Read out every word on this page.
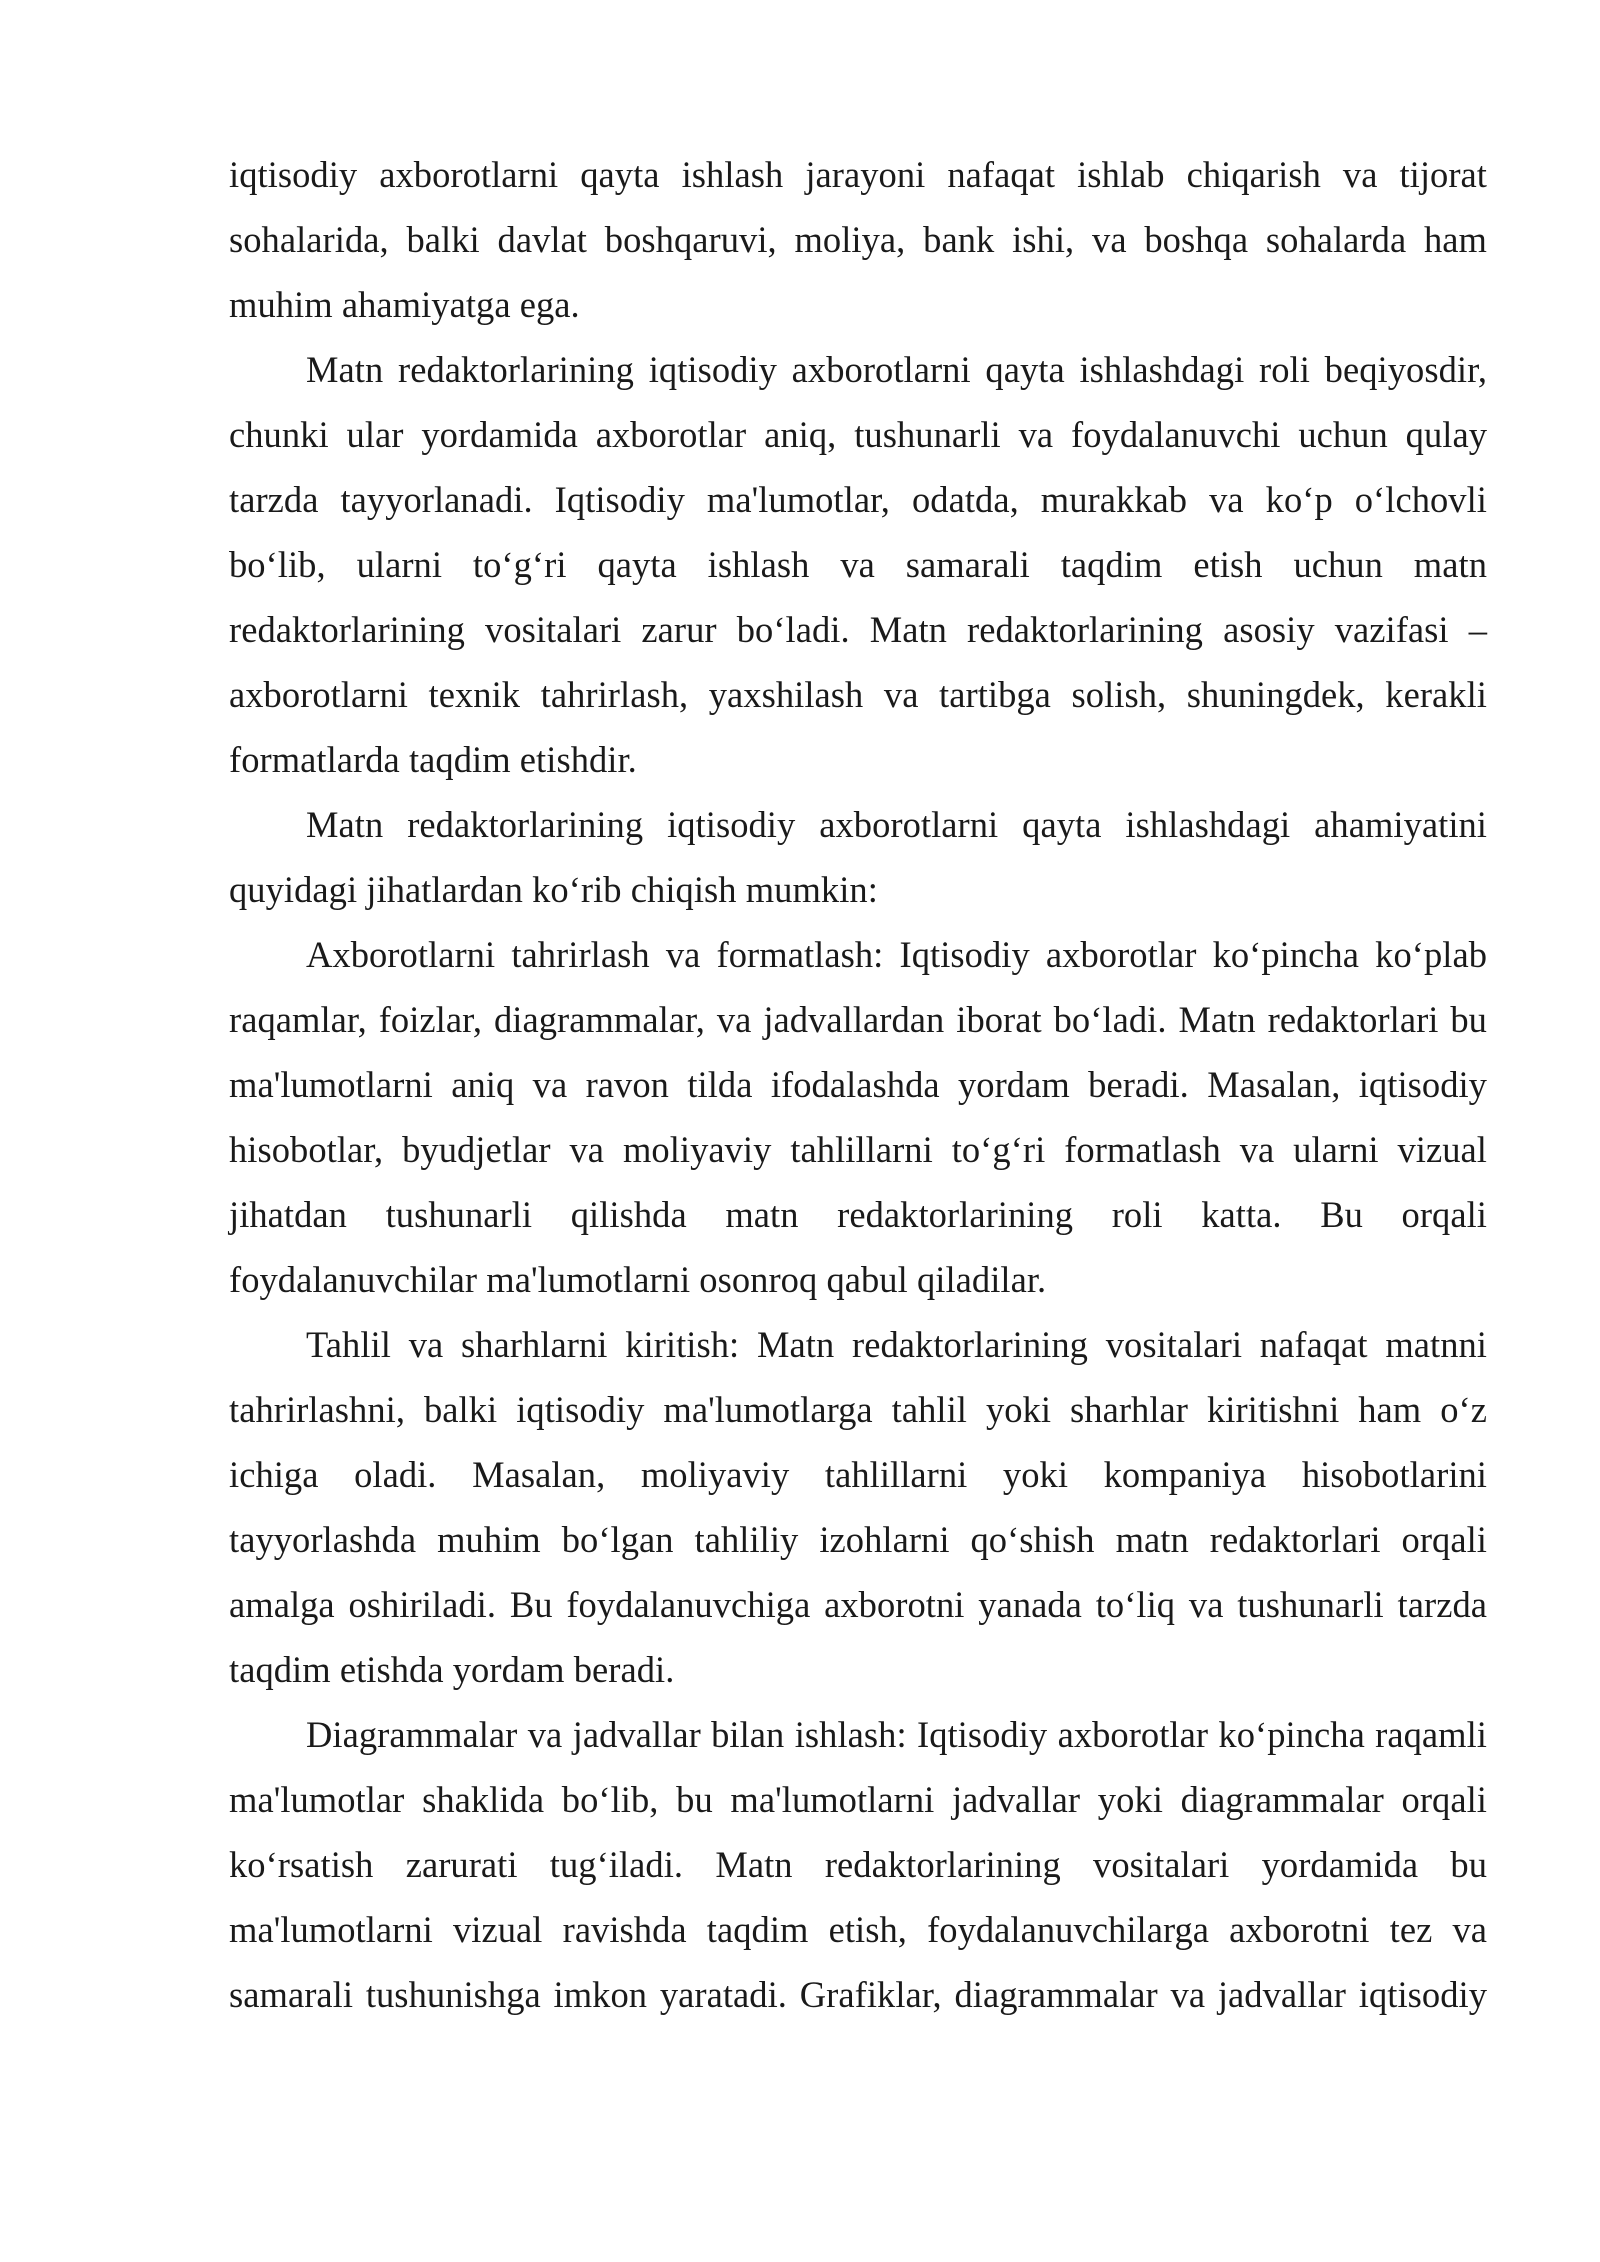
iqtisodiy axborotlarni qayta ishlash jarayoni nafaqat ishlab chiqarish va tijorat sohalarida, balki davlat boshqaruvi, moliya, bank ishi, va boshqa sohalarda ham muhim ahamiyatga ega.

Matn redaktorlarining iqtisodiy axborotlarni qayta ishlashdagi roli beqiyosdir, chunki ular yordamida axborotlar aniq, tushunarli va foydalanuvchi uchun qulay tarzda tayyorlanadi. Iqtisodiy ma'lumotlar, odatda, murakkab va koʻp oʻlchovli boʻlib, ularni toʻgʻri qayta ishlash va samarali taqdim etish uchun matn redaktorlarining vositalari zarur boʻladi. Matn redaktorlarining asosiy vazifasi – axborotlarni texnik tahrirlash, yaxshilash va tartibga solish, shuningdek, kerakli formatlarda taqdim etishdir.

Matn redaktorlarining iqtisodiy axborotlarni qayta ishlashdagi ahamiyatini quyidagi jihatlardan koʻrib chiqish mumkin:

Axborotlarni tahrirlash va formatlash: Iqtisodiy axborotlar koʻpincha koʻplab raqamlar, foizlar, diagrammalar, va jadvallardan iborat boʻladi. Matn redaktorlari bu ma'lumotlarni aniq va ravon tilda ifodalashda yordam beradi. Masalan, iqtisodiy hisobotlar, byudjetlar va moliyaviy tahlillarni toʻgʻri formatlash va ularni vizual jihatdan tushunarli qilishda matn redaktorlarining roli katta. Bu orqali foydalanuvchilar ma'lumotlarni osonroq qabul qiladilar.

Tahlil va sharhlarni kiritish: Matn redaktorlarining vositalari nafaqat matnni tahrirlashni, balki iqtisodiy ma'lumotlarga tahlil yoki sharhlar kiritishni ham oʻz ichiga oladi. Masalan, moliyaviy tahlillarni yoki kompaniya hisobotlarini tayyorlashda muhim boʻlgan tahliliy izohlarni qoʻshish matn redaktorlari orqali amalga oshiriladi. Bu foydalanuvchiga axborotni yanada toʻliq va tushunarli tarzda taqdim etishda yordam beradi.

Diagrammalar va jadvallar bilan ishlash: Iqtisodiy axborotlar koʻpincha raqamli ma'lumotlar shaklida boʻlib, bu ma'lumotlarni jadvallar yoki diagrammalar orqali koʻrsatish zarurati tugʻiladi. Matn redaktorlarining vositalari yordamida bu ma'lumotlarni vizual ravishda taqdim etish, foydalanuvchilarga axborotni tez va samarali tushunishga imkon yaratadi. Grafiklar, diagrammalar va jadvallar iqtisodiy
